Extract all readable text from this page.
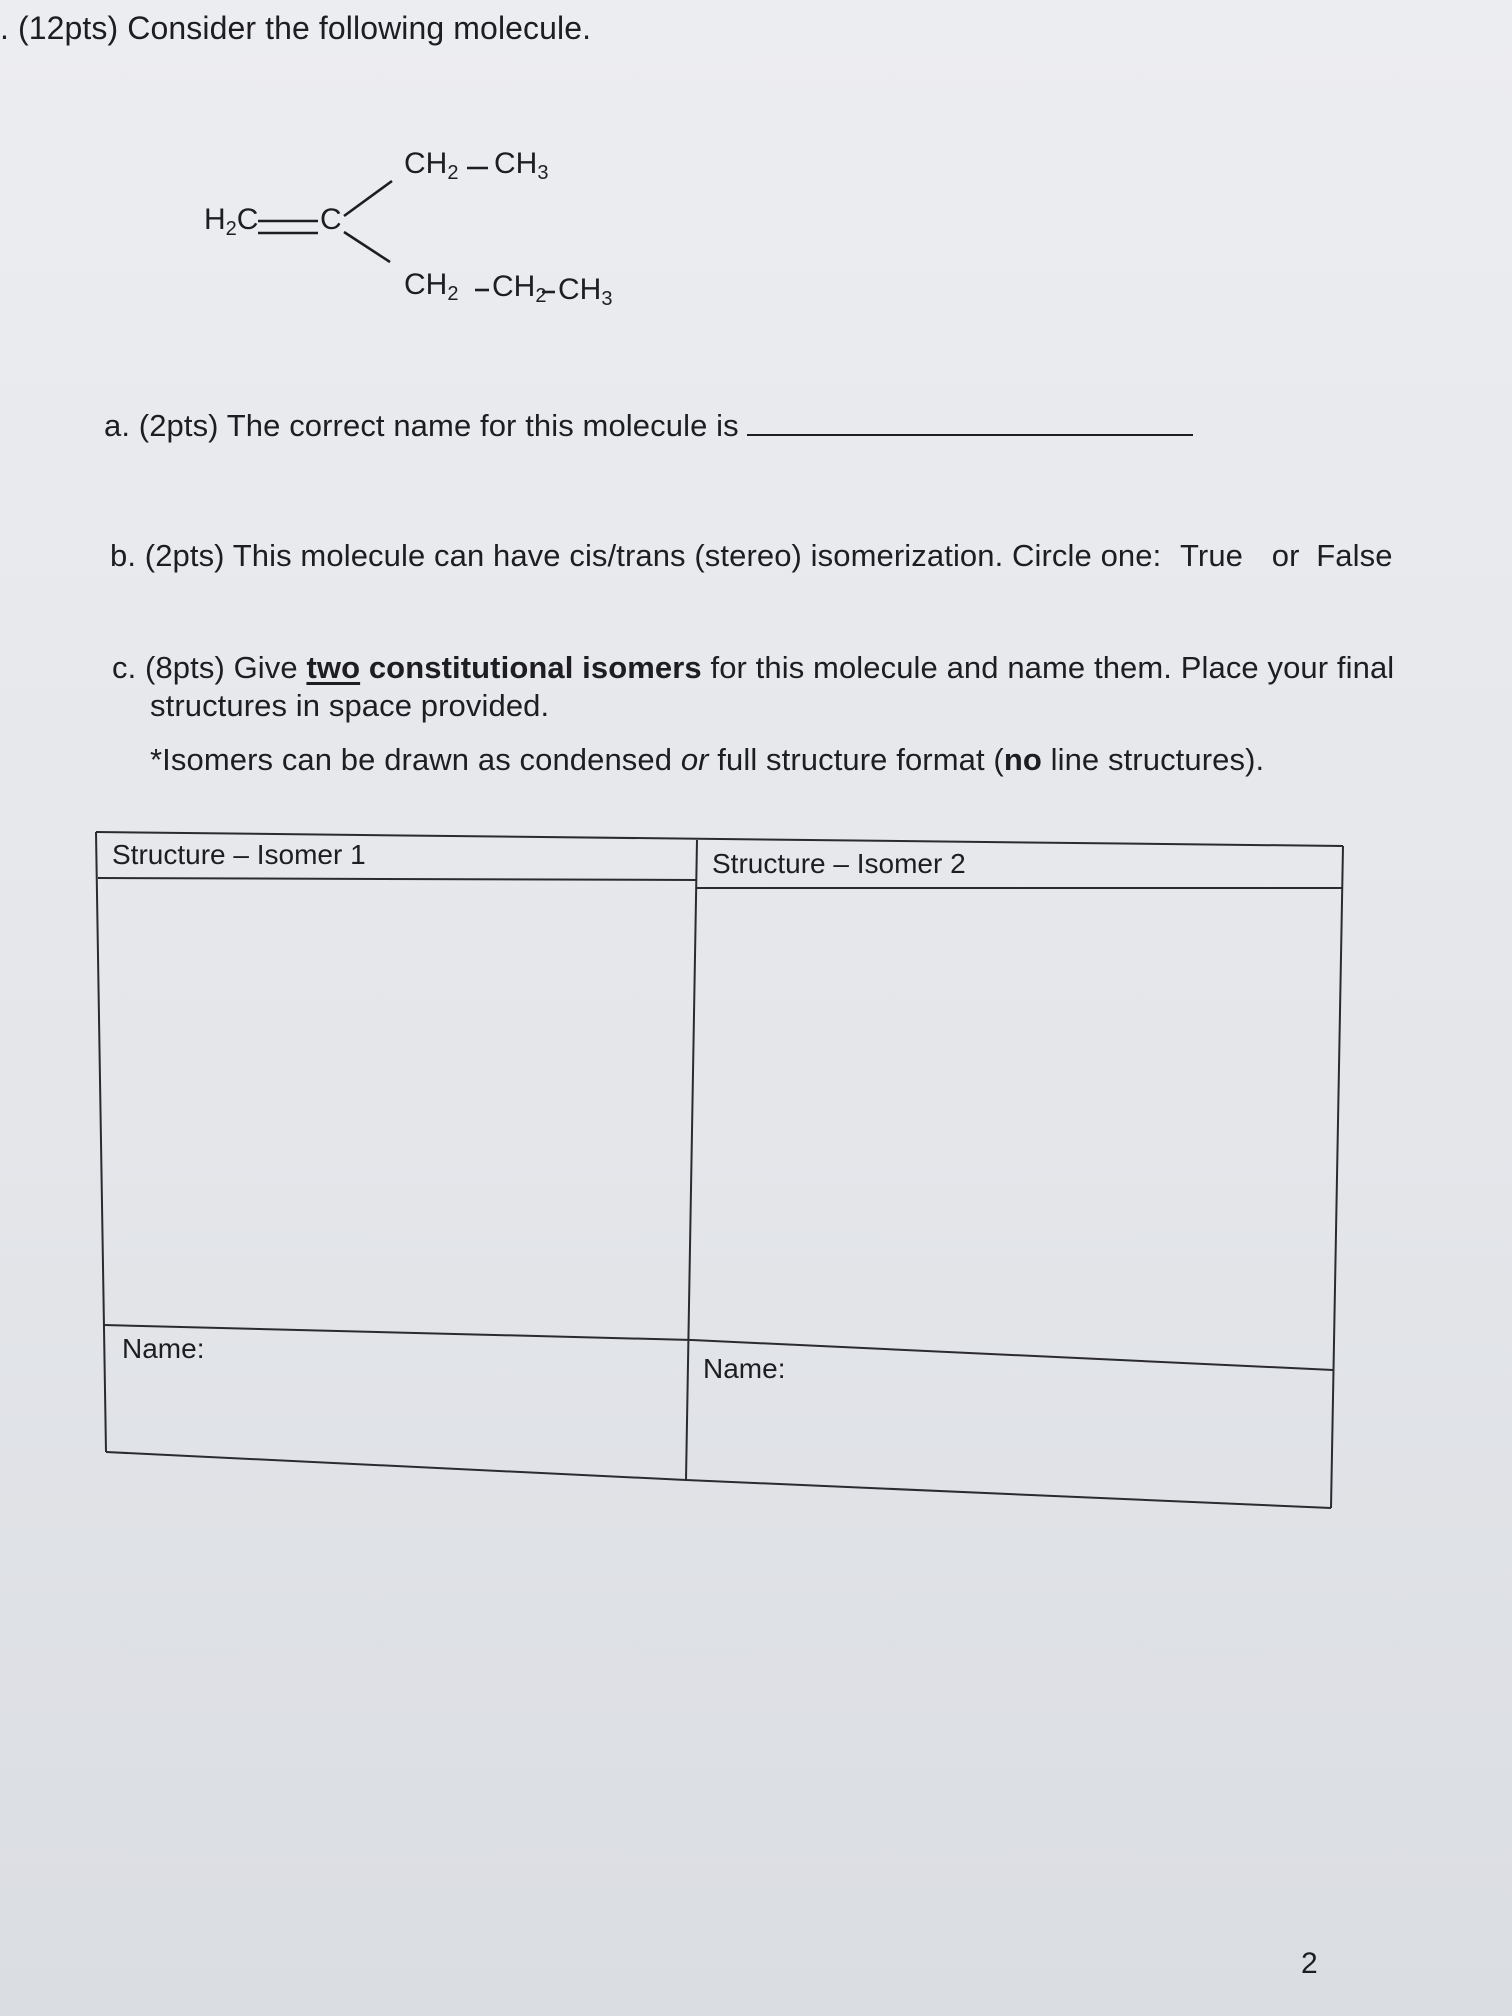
. (12pts) Consider the following molecule.
$H_2C$ C
$CH_2$ $CH_3$
$CH_2$ $CH_2$ $CH_3$
a. (2pts) The correct name for this molecule is
b. (2pts) This molecule can have cis/trans (stereo) isomerization. Circle one: True or False
c. (8pts) Give two constitutional isomers for this molecule and name them. Place your final
structures in space provided.
*Isomers can be drawn as condensed or full structure format (no line structures).
Structure – Isomer 1	Structure – Isomer 2
Name:
Name:
2
